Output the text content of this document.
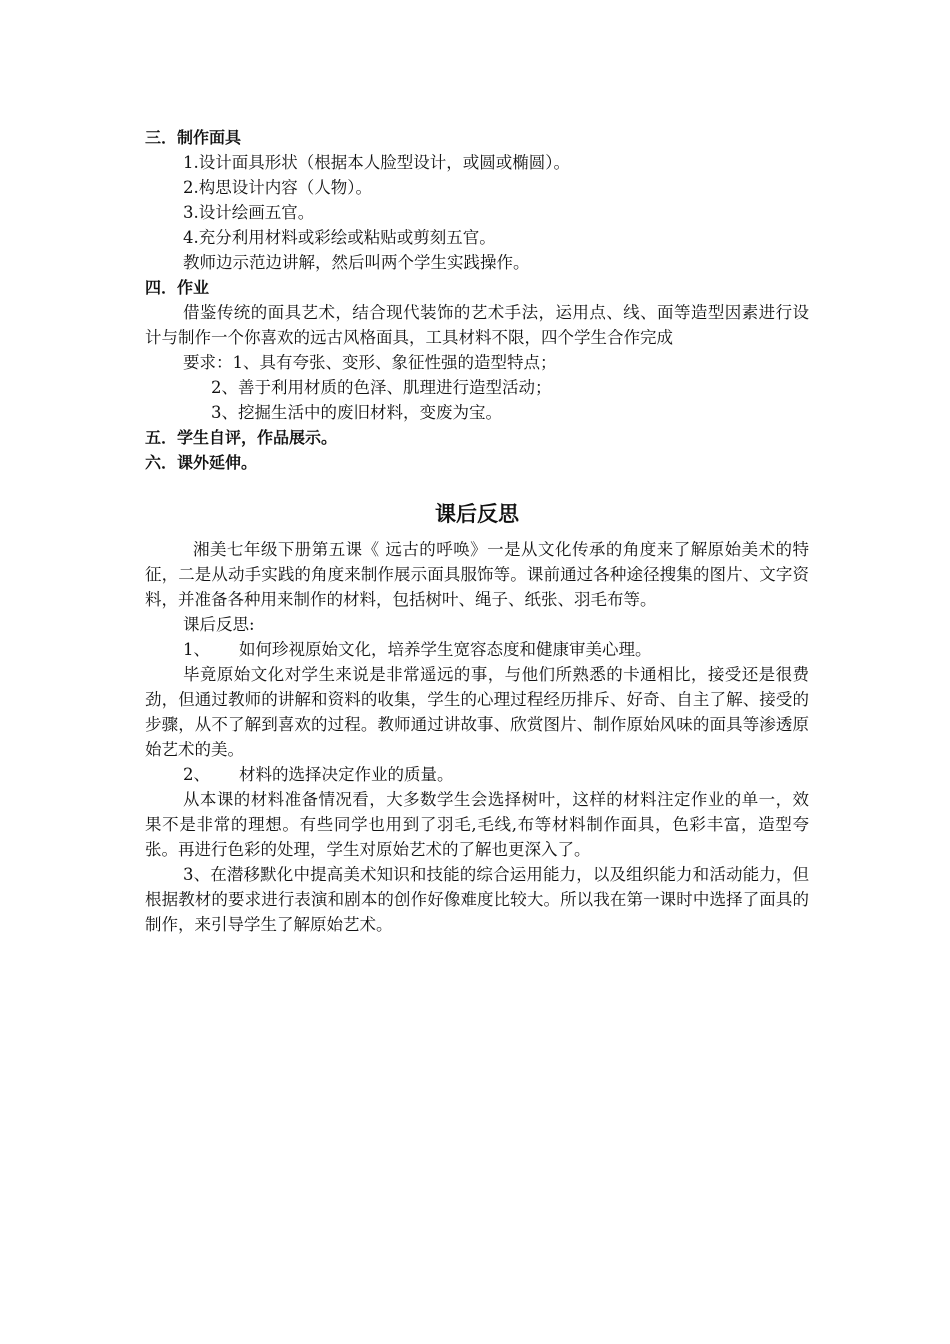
三．制作面具
1.设计面具形状（根据本人脸型设计，或圆或椭圆）。
2.构思设计内容（人物）。
3.设计绘画五官。
4.充分利用材料或彩绘或粘贴或剪刻五官。
教师边示范边讲解，然后叫两个学生实践操作。
四．作业
借鉴传统的面具艺术，结合现代装饰的艺术手法，运用点、线、面等造型因素进行设计与制作一个你喜欢的远古风格面具，工具材料不限，四个学生合作完成
要求：1、具有夸张、变形、象征性强的造型特点；
2、善于利用材质的色泽、肌理进行造型活动；
3、挖掘生活中的废旧材料，变废为宝。
五．学生自评，作品展示。
六．课外延伸。
课后反思
湘美七年级下册第五课《 远古的呼唤》一是从文化传承的角度来了解原始美术的特征，二是从动手实践的角度来制作展示面具服饰等。课前通过各种途径搜集的图片、文字资料，并准备各种用来制作的材料，包括树叶、绳子、纸张、羽毛布等。
课后反思:
1、 如何珍视原始文化，培养学生宽容态度和健康审美心理。
毕竟原始文化对学生来说是非常遥远的事，与他们所熟悉的卡通相比，接受还是很费劲，但通过教师的讲解和资料的收集，学生的心理过程经历排斥、好奇、自主了解、接受的步骤，从不了解到喜欢的过程。教师通过讲故事、欣赏图片、制作原始风味的面具等渗透原始艺术的美。
2、 材料的选择决定作业的质量。
从本课的材料准备情况看，大多数学生会选择树叶，这样的材料注定作业的单一，效果不是非常的理想。有些同学也用到了羽毛,毛线,布等材料制作面具，色彩丰富，造型夸张。再进行色彩的处理，学生对原始艺术的了解也更深入了。
3、在潜移默化中提高美术知识和技能的综合运用能力，以及组织能力和活动能力，但根据教材的要求进行表演和剧本的创作好像难度比较大。所以我在第一课时中选择了面具的制作，来引导学生了解原始艺术。
